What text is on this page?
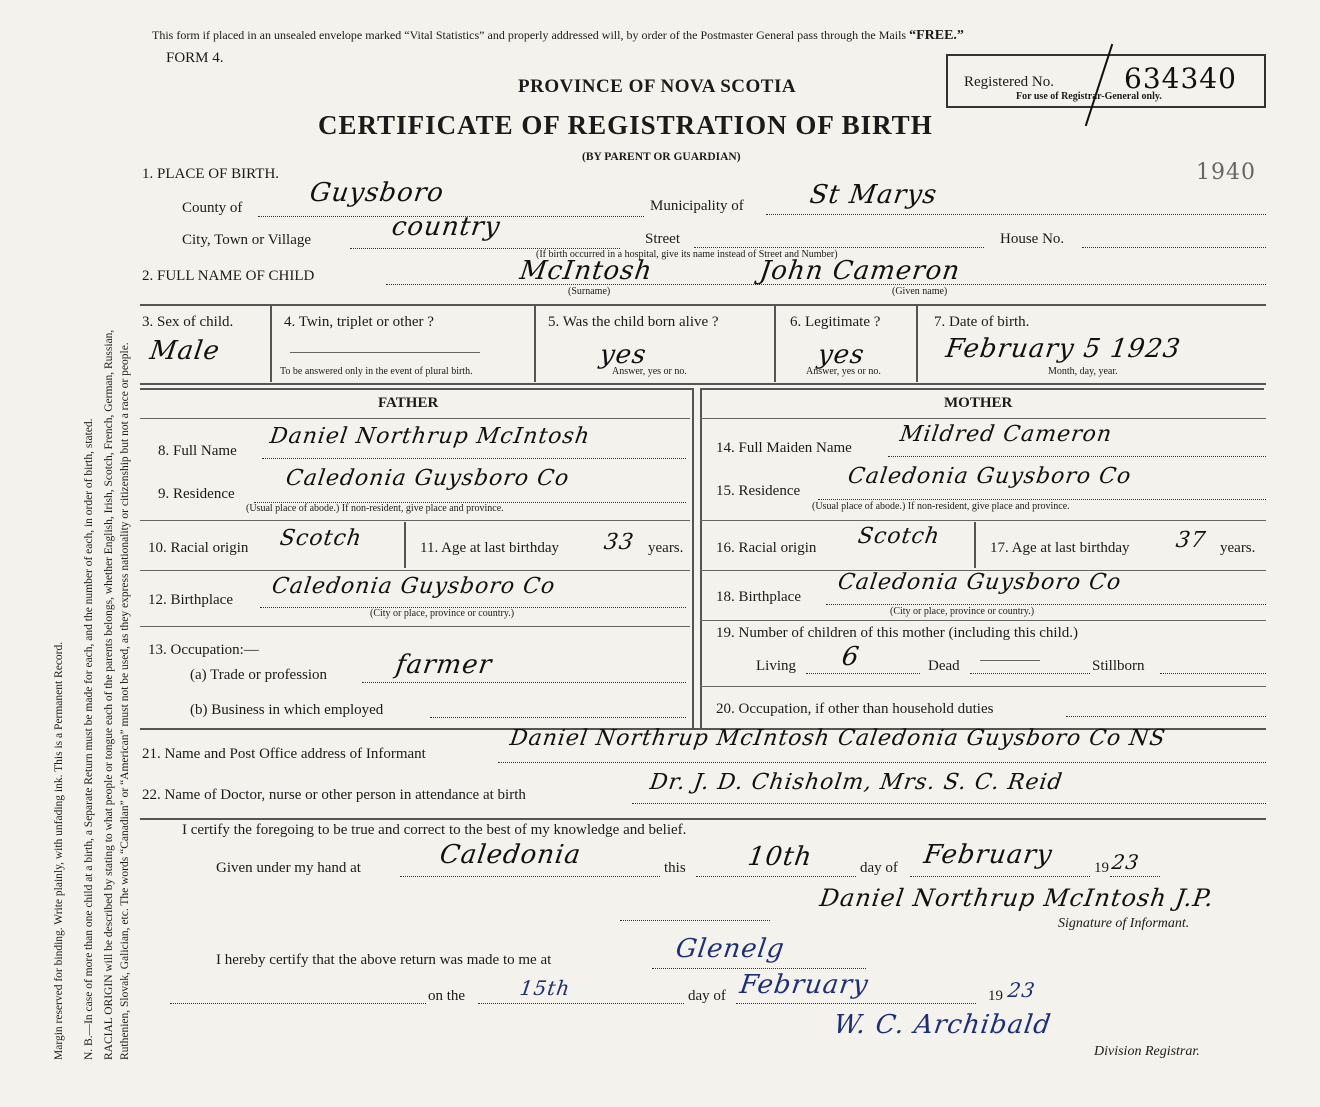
Margin reserved for binding. Write plainly, with unfading ink. This is a Permanent Record. N. B.—In case of more than one child at a birth, a Separate Return must be made for each, and the number of each, in order of birth, stated. RACIAL ORIGIN will be described by stating to what people or tongue each of the parents belongs, whether English, Irish, Scotch, French, German, Russian, Ruthenien, Slovak, Galician, etc. The words “Canadian” or “American” must not be used, as they express nationality or citizenship but not a race or people.
This form if placed in an unsealed envelope marked “Vital Statistics” and properly addressed will, by order of the Postmaster General pass through the Mails “FREE.”
FORM 4.
PROVINCE OF NOVA SCOTIA
CERTIFICATE OF REGISTRATION OF BIRTH
(BY PARENT OR GUARDIAN)
Registered No.	634340
For use of Registrar-General only.
1940
1. PLACE OF BIRTH.
County of	Guysboro	Municipality of St Marys
City, Town or Village	country	Street	House No.
(If birth occurred in a hospital, give its name instead of Street and Number)
2. FULL NAME OF CHILD	McIntosh	John Cameron
(Surname)	(Given name)
3. Sex of child.
Male
4. Twin, triplet or other ?
To be answered only in the event of plural birth.
5. Was the child born alive ?
yes
Answer, yes or no.
6. Legitimate ?
yes
Answer, yes or no.
7. Date of birth.
February 5 1923
Month, day, year.
FATHER	MOTHER
8. Full Name
Daniel Northrup McIntosh
9. Residence
Caledonia Guysboro Co
(Usual place of abode.) If non-resident, give place and province.
10. Racial origin Scotch	11. Age at last birthday 33 years.
12. Birthplace
Caledonia Guysboro Co
(City or place, province or country.)
13. Occupation:—
(a) Trade or profession	farmer
(b) Business in which employed
14. Full Maiden Name
Mildred Cameron
15. Residence
Caledonia Guysboro Co
(Usual place of abode.) If non-resident, give place and province.
16. Racial origin Scotch	17. Age at last birthday 37 years.
18. Birthplace
Caledonia Guysboro Co
(City or place, province or country.)
19. Number of children of this mother (including this child.)
Living 6	Dead	Stillborn
20. Occupation, if other than household duties
21. Name and Post Office address of Informant
Daniel Northrup McIntosh Caledonia Guysboro Co NS
22. Name of Doctor, nurse or other person in attendance at birth	Dr. J. D. Chisholm, Mrs. S. C. Reid
I certify the foregoing to be true and correct to the best of my knowledge and belief.
Given under my hand at	Caledonia	this 10th	day of February	19 23
Daniel Northrup McIntosh J.P.
Signature of Informant.
I hereby certify that the above return was made to me at	Glenelg
on the	15th	day of February	19 23
W. C. Archibald
Division Registrar.
